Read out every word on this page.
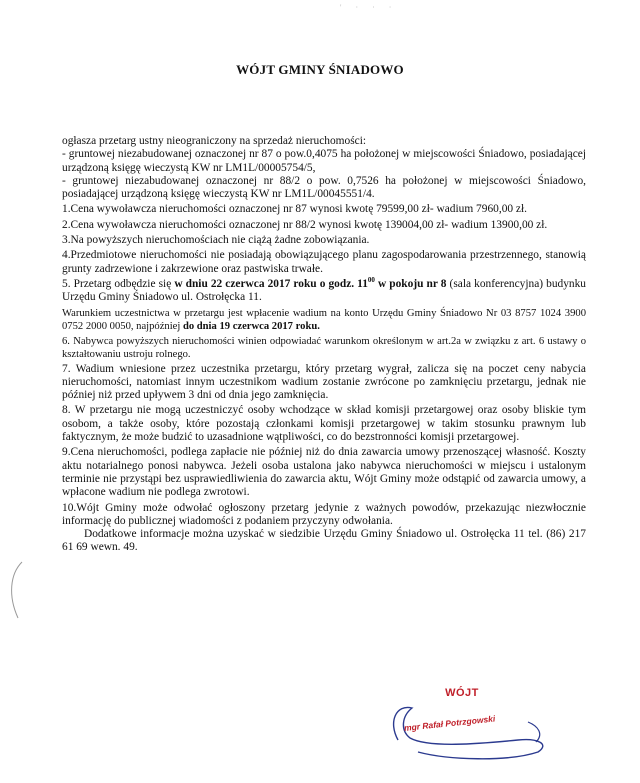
' · · ·
WÓJT GMINY ŚNIADOWO

ogłasza przetarg ustny nieograniczony na sprzedaż nieruchomości:

- gruntowej niezabudowanej oznaczonej nr 87 o pow.0,4075 ha położonej w miejscowości Śniadowo, posiadającej urządzoną księgę wieczystą KW nr LM1L/00005754/5,

- gruntowej niezabudowanej oznaczonej nr 88/2 o pow. 0,7526 ha położonej w miejscowości Śniadowo, posiadającej urządzoną księgę wieczystą KW nr LM1L/00045551/4.

1.Cena wywoławcza nieruchomości oznaczonej nr 87 wynosi kwotę 79599,00 zł- wadium 7960,00 zł.

2.Cena wywoławcza nieruchomości oznaczonej nr 88/2 wynosi kwotę 139004,00 zł- wadium 13900,00 zł.

3.Na powyższych nieruchomościach nie ciążą żadne zobowiązania.

4.Przedmiotowe nieruchomości nie posiadają obowiązującego planu zagospodarowania przestrzennego, stanowią grunty zadrzewione i zakrzewione oraz pastwiska trwałe.

5. Przetarg odbędzie się w dniu 22 czerwca 2017 roku o godz. $11^{00}$ w pokoju nr 8 (sala konferencyjna) budynku Urzędu Gminy Śniadowo ul. Ostrołęcka 11.

Warunkiem uczestnictwa w przetargu jest wpłacenie wadium na konto Urzędu Gminy Śniadowo Nr 03 8757 1024 3900 0752 2000 0050, najpóźniej do dnia 19 czerwca 2017 roku.

6. Nabywca powyższych nieruchomości winien odpowiadać warunkom określonym w art.2a w związku z art. 6 ustawy o kształtowaniu ustroju rolnego.

7. Wadium wniesione przez uczestnika przetargu, który przetarg wygrał, zalicza się na poczet ceny nabycia nieruchomości, natomiast innym uczestnikom wadium zostanie zwrócone po zamknięciu przetargu, jednak nie później niż przed upływem 3 dni od dnia jego zamknięcia.

8. W przetargu nie mogą uczestniczyć osoby wchodzące w skład komisji przetargowej oraz osoby bliskie tym osobom, a także osoby, które pozostają członkami komisji przetargowej w takim stosunku prawnym lub faktycznym, że może budzić to uzasadnione wątpliwości, co do bezstronności komisji przetargowej.

9.Cena nieruchomości, podlega zapłacie nie później niż do dnia zawarcia umowy przenoszącej własność. Koszty aktu notarialnego ponosi nabywca. Jeżeli osoba ustalona jako nabywca nieruchomości w miejscu i ustalonym terminie nie przystąpi bez usprawiedliwienia do zawarcia aktu, Wójt Gminy może odstąpić od zawarcia umowy, a wpłacone wadium nie podlega zwrotowi.

10.Wójt Gminy może odwołać ogłoszony przetarg jedynie z ważnych powodów, przekazując niezwłocznie informację do publicznej wiadomości z podaniem przyczyny odwołania.

Dodatkowe informacje można uzyskać w siedzibie Urzędu Gminy Śniadowo ul. Ostrołęcka 11 tel. (86) 217 61 69 wewn. 49.

WÓJT
mgr Rafał Potrzgowski
